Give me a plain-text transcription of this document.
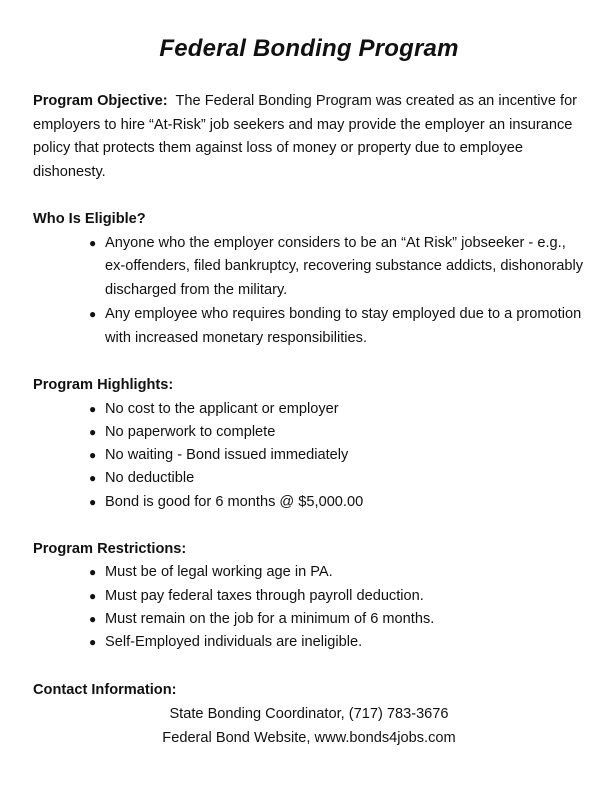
Federal Bonding Program

Program Objective: The Federal Bonding Program was created as an incentive for employers to hire “At-Risk” job seekers and may provide the employer an insurance policy that protects them against loss of money or property due to employee dishonesty.

Who Is Eligible?
● Anyone who the employer considers to be an “At Risk” jobseeker - e.g., ex-offenders, filed bankruptcy, recovering substance addicts, dishonorably discharged from the military.
● Any employee who requires bonding to stay employed due to a promotion with increased monetary responsibilities.
Program Highlights:
● No cost to the applicant or employer
● No paperwork to complete
● No waiting - Bond issued immediately
● No deductible
● Bond is good for 6 months @ $5,000.00
Program Restrictions:
● Must be of legal working age in PA.
● Must pay federal taxes through payroll deduction.
● Must remain on the job for a minimum of 6 months.
● Self-Employed individuals are ineligible.
Contact Information:

State Bonding Coordinator, (717) 783-3676

Federal Bond Website, www.bonds4jobs.com
